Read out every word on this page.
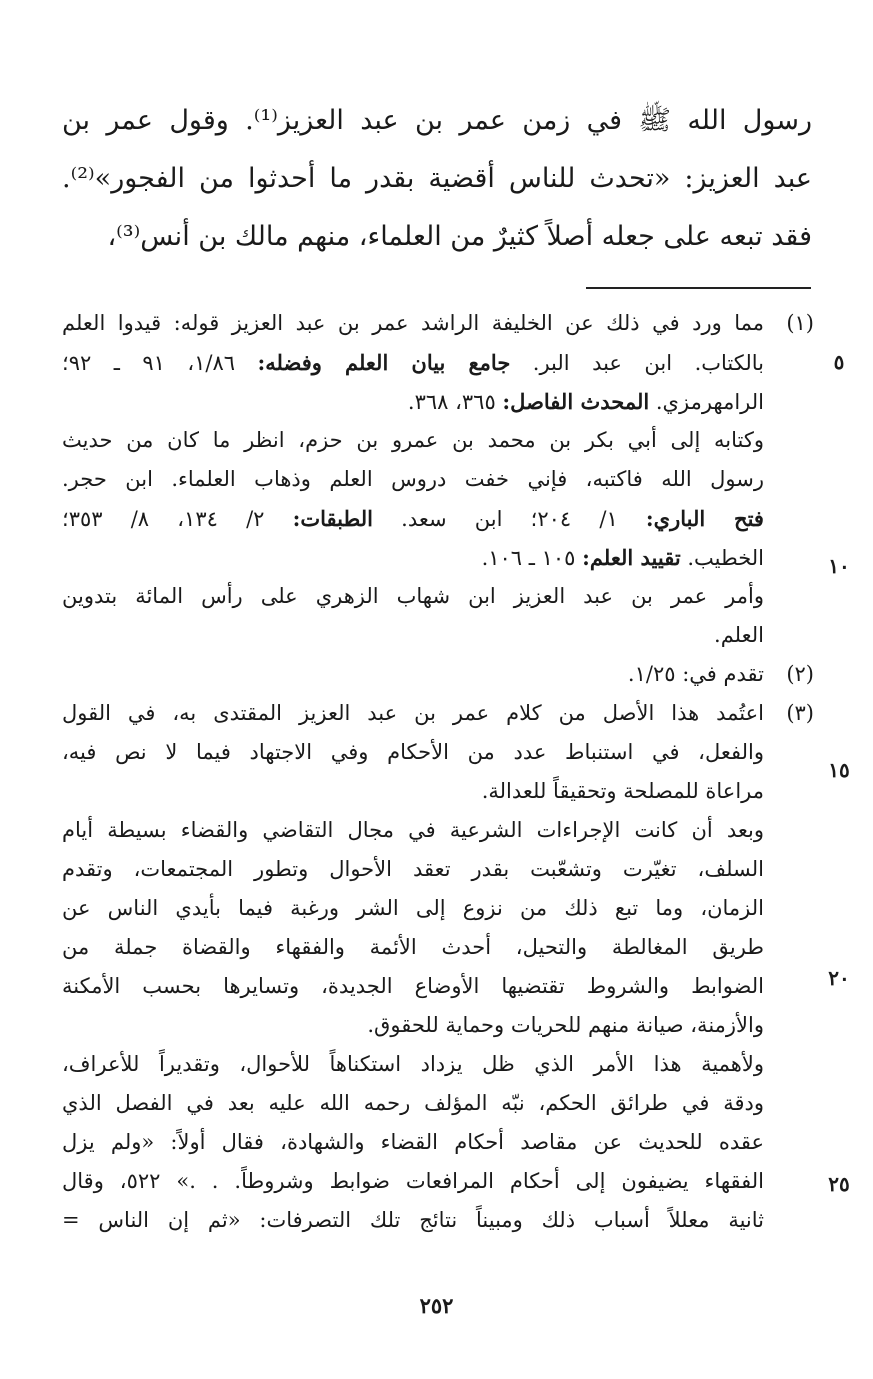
رسول الله ﷺ في زمن عمر بن عبد العزيز⁽¹⁾. وقول عمر بن
عبد العزيز: «تحدث للناس أقضية بقدر ما أحدثوا من الفجور»⁽²⁾.
فقد تبعه على جعله أصلاً كثيرٌ من العلماء، منهم مالك بن أنس⁽³⁾،
(١)مما ورد في ذلك عن الخليفة الراشد عمر بن عبد العزيز قوله: قيدوا العلم
بالكتاب. ابن عبد البر. جامع بيان العلم وفضله: ١/٨٦، ٩١ ـ ٩٢؛
الرامهرمزي. المحدث الفاصل: ٣٦٥، ٣٦٨.
وكتابه إلى أبي بكر بن محمد بن عمرو بن حزم، انظر ما كان من حديث
رسول الله فاكتبه، فإني خفت دروس العلم وذهاب العلماء. ابن حجر.
فتح الباري: ١/ ٢٠٤؛ ابن سعد. الطبقات: ٢/ ١٣٤، ٨/ ٣٥٣؛
الخطيب. تقييد العلم: ١٠٥ ـ ١٠٦.
وأمر عمر بن عبد العزيز ابن شهاب الزهري على رأس المائة بتدوين
العلم.
(٢)تقدم في: ١/٢٥.
(٣)اعتُمد هذا الأصل من كلام عمر بن عبد العزيز المقتدى به، في القول
والفعل، في استنباط عدد من الأحكام وفي الاجتهاد فيما لا نص فيه،
مراعاة للمصلحة وتحقيقاً للعدالة.
وبعد أن كانت الإجراءات الشرعية في مجال التقاضي والقضاء بسيطة أيام
السلف، تغيّرت وتشعّبت بقدر تعقد الأحوال وتطور المجتمعات، وتقدم
الزمان، وما تبع ذلك من نزوع إلى الشر ورغبة فيما بأيدي الناس عن
طريق المغالطة والتحيل، أحدث الأئمة والفقهاء والقضاة جملة من
الضوابط والشروط تقتضيها الأوضاع الجديدة، وتسايرها بحسب الأمكنة
والأزمنة، صيانة منهم للحريات وحماية للحقوق.
ولأهمية هذا الأمر الذي ظل يزداد استكناهاً للأحوال، وتقديراً للأعراف،
ودقة في طرائق الحكم، نبّه المؤلف رحمه الله عليه بعد في الفصل الذي
عقده للحديث عن مقاصد أحكام القضاء والشهادة، فقال أولاً: «ولم يزل
الفقهاء يضيفون إلى أحكام المرافعات ضوابط وشروطاً. . .» ٥٢٢، وقال
ثانية معللاً أسباب ذلك ومبيناً نتائج تلك التصرفات: «ثم إن الناس =
٥
١٠
١٥
٢٠
٢٥
٢٥٢
